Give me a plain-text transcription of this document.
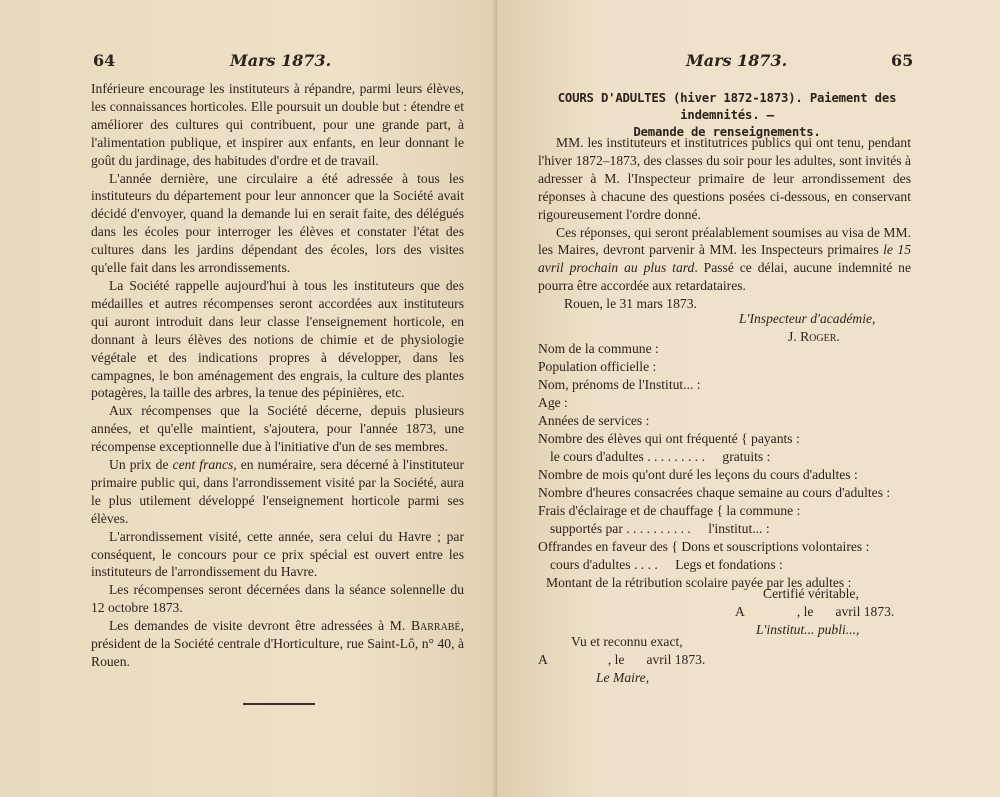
64	Mars 1873.

Inférieure encourage les instituteurs à répandre, parmi leurs élèves, les connaissances horticoles. Elle poursuit un double but : étendre et améliorer des cultures qui contribuent, pour une grande part, à l'alimentation publique, et inspirer aux enfants, en leur donnant le goût du jardinage, des habitudes d'ordre et de travail.

L'année dernière, une circulaire a été adressée à tous les instituteurs du département pour leur annoncer que la Société avait décidé d'envoyer, quand la demande lui en serait faite, des délégués dans les écoles pour interroger les élèves et constater l'état des cultures dans les jardins dépendant des écoles, lors des visites qu'elle fait dans les arrondissements.

La Société rappelle aujourd'hui à tous les instituteurs que des médailles et autres récompenses seront accordées aux instituteurs qui auront introduit dans leur classe l'enseignement horticole, en donnant à leurs élèves des notions de chimie et de physiologie végétale et des indications propres à développer, dans les campagnes, le bon aménagement des engrais, la culture des plantes potagères, la taille des arbres, la tenue des pépinières, etc.

Aux récompenses que la Société décerne, depuis plusieurs années, et qu'elle maintient, s'ajoutera, pour l'année 1873, une récompense exceptionnelle due à l'initiative d'un de ses membres.

Un prix de cent francs, en numéraire, sera décerné à l'instituteur primaire public qui, dans l'arrondissement visité par la Société, aura le plus utilement développé l'enseignement horticole parmi ses élèves.

L'arrondissement visité, cette année, sera celui du Havre ; par conséquent, le concours pour ce prix spécial est ouvert entre les instituteurs de l'arrondissement du Havre.

Les récompenses seront décernées dans la séance solennelle du 12 octobre 1873.

Les demandes de visite devront être adressées à M. Barrabé, président de la Société centrale d'Horticulture, rue Saint-Lô, n° 40, à Rouen.

Mars 1873.	65
COURS D'ADULTES (hiver 1872-1873). Paiement des indemnités. —
Demande de renseignements.

MM. les instituteurs et institutrices publics qui ont tenu, pendant l'hiver 1872–1873, des classes du soir pour les adultes, sont invités à adresser à M. l'Inspecteur primaire de leur arrondissement des réponses à chacune des questions posées ci-dessous, en conservant rigoureusement l'ordre donné.

Ces réponses, qui seront préalablement soumises au visa de MM. les Maires, devront parvenir à MM. les Inspecteurs primaires le 15 avril prochain au plus tard. Passé ce délai, aucune indemnité ne pourra être accordée aux retardataires.

Rouen, le 31 mars 1873.

L'Inspecteur d'académie,
J. Roger.
Nom de la commune :
Population officielle :
Nom, prénoms de l'Institut... :
Age :
Années de services :
Nombre des élèves qui ont fréquenté { payants :
le cours d'adultes . . . . . . . . . gratuits :
Nombre de mois qu'ont duré les leçons du cours d'adultes :
Nombre d'heures consacrées chaque semaine au cours d'adultes :
Frais d'éclairage et de chauffage { la commune :
supportés par . . . . . . . . . . l'institut... :
Offrandes en faveur des { Dons et souscriptions volontaires :
cours d'adultes . . . . Legs et fondations :
Montant de la rétribution scolaire payée par les adultes :
Certifié véritable,
A	, le avril 1873.
L'institut... publi...,
Vu et reconnu exact,
A	, le avril 1873.
Le Maire,
